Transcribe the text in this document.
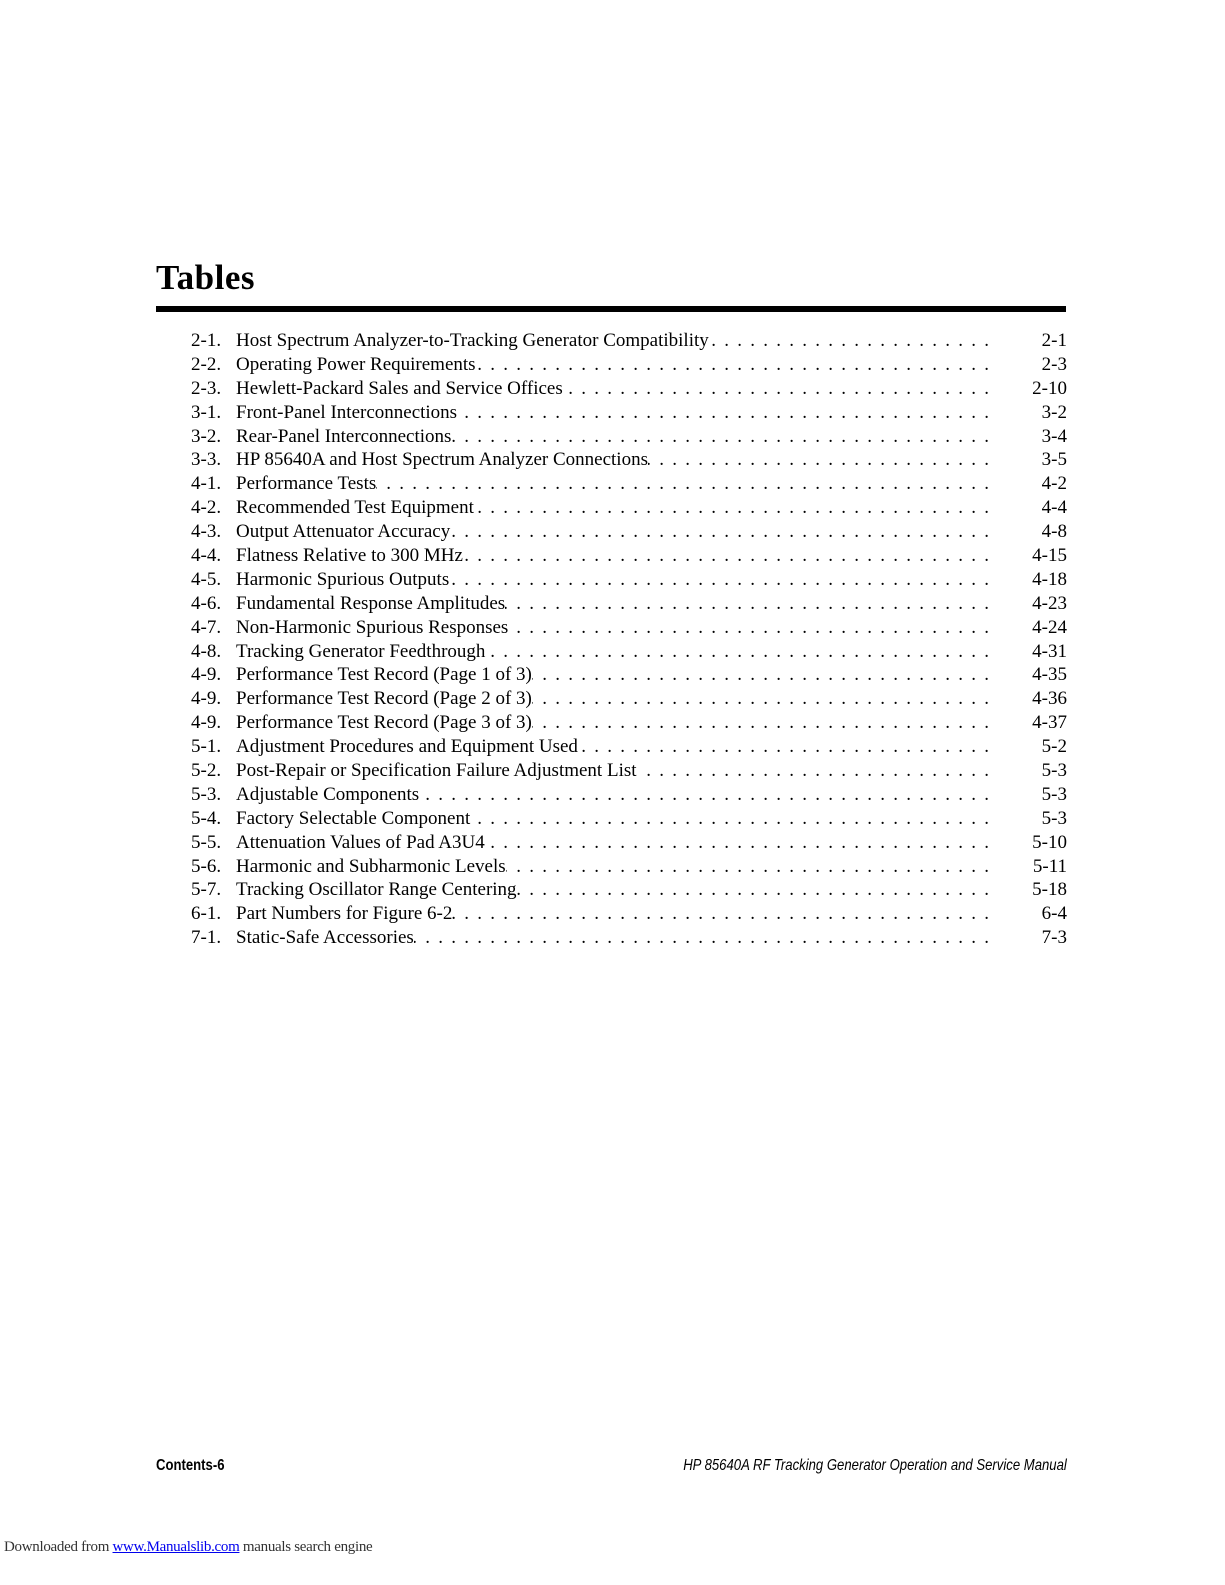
Tables
2-1. Host Spectrum Analyzer-to-Tracking Generator Compatibility . . .	2-1
2-2. Operating Power Requirements . . .	2-3
2-3. Hewlett-Packard Sales and Service Offices . . .	2-10
3-1. Front-Panel Interconnections . . .	3-2
3-2. Rear-Panel Interconnections . . .	3-4
3-3. HP 85640A and Host Spectrum Analyzer Connections . . .	3-5
4-1. Performance Tests . . .	4-2
4-2. Recommended Test Equipment . . .	4-4
4-3. Output Attenuator Accuracy . . .	4-8
4-4. Flatness Relative to 300 MHz . . .	4-15
4-5. Harmonic Spurious Outputs . . .	4-18
4-6. Fundamental Response Amplitudes . . .	4-23
4-7. Non-Harmonic Spurious Responses . . .	4-24
4-8. Tracking Generator Feedthrough . . .	4-31
4-9. Performance Test Record (Page 1 of 3) . . .	4-35
4-9. Performance Test Record (Page 2 of 3) . . .	4-36
4-9. Performance Test Record (Page 3 of 3) . . .	4-37
5-1. Adjustment Procedures and Equipment Used . . .	5-2
5-2. Post-Repair or Specification Failure Adjustment List . . .	5-3
5-3. Adjustable Components . . .	5-3
5-4. Factory Selectable Component . . .	5-3
5-5. Attenuation Values of Pad A3U4 . . .	5-10
5-6. Harmonic and Subharmonic Levels . . .	5-11
5-7. Tracking Oscillator Range Centering . . .	5-18
6-1. Part Numbers for Figure 6-2 . . .	6-4
7-1. Static-Safe Accessories . . .	7-3
Contents-6	HP 85640A RF Tracking Generator Operation and Service Manual
Downloaded from www.Manualslib.com manuals search engine
